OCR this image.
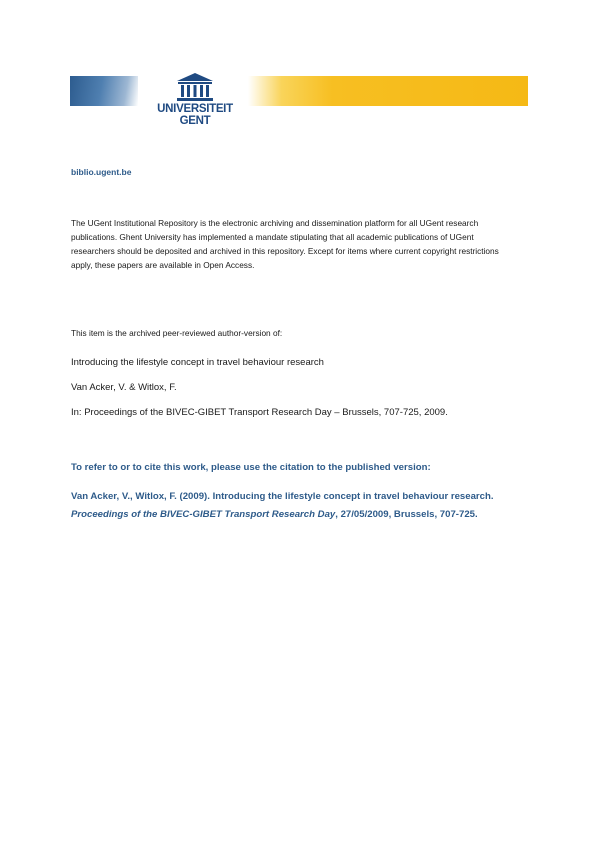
UNIVERSITEIT
GENT
biblio.ugent.be
The UGent Institutional Repository is the electronic archiving and dissemination platform for all UGent research publications. Ghent University has implemented a mandate stipulating that all academic publications of UGent researchers should be deposited and archived in this repository. Except for items where current copyright restrictions apply, these papers are available in Open Access.
This item is the archived peer-reviewed author-version of:
Introducing the lifestyle concept in travel behaviour research
Van Acker, V. & Witlox, F.
In: Proceedings of the BIVEC-GIBET Transport Research Day – Brussels, 707-725, 2009.
To refer to or to cite this work, please use the citation to the published version:
Van Acker, V., Witlox, F. (2009). Introducing the lifestyle concept in travel behaviour research. Proceedings of the BIVEC-GIBET Transport Research Day, 27/05/2009, Brussels, 707-725.
